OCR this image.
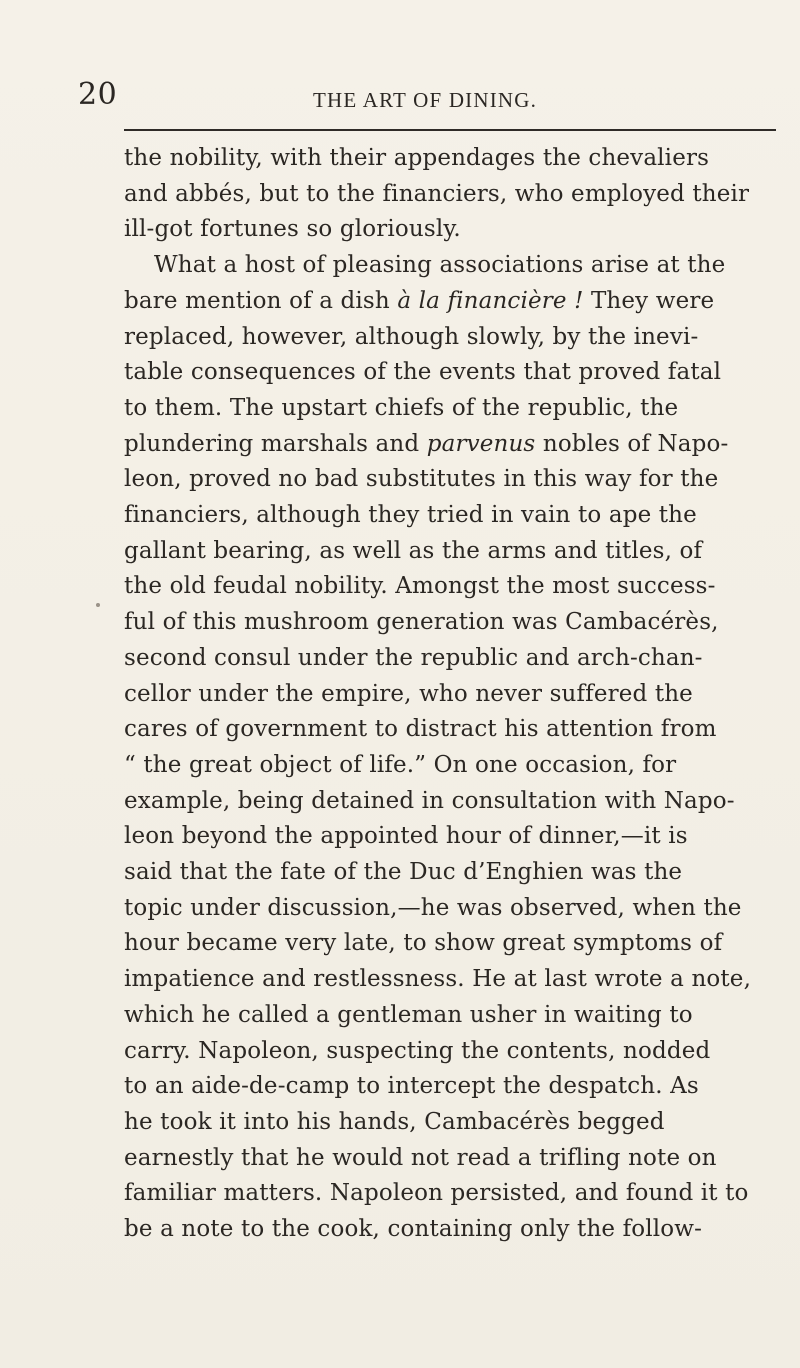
20	THE ART OF DINING.
the nobility, with their appendages the chevaliers
and abbés, but to the financiers, who employed their
ill-got fortunes so gloriously.
What a host of pleasing associations arise at the
bare mention of a dish à la financière ! They were
replaced, however, although slowly, by the inevi-
table consequences of the events that proved fatal
to them. The upstart chiefs of the republic, the
plundering marshals and parvenus nobles of Napo-
leon, proved no bad substitutes in this way for the
financiers, although they tried in vain to ape the
gallant bearing, as well as the arms and titles, of
the old feudal nobility. Amongst the most success-
ful of this mushroom generation was Cambacérès,
second consul under the republic and arch-chan-
cellor under the empire, who never suffered the
cares of government to distract his attention from
“ the great object of life.” On one occasion, for
example, being detained in consultation with Napo-
leon beyond the appointed hour of dinner,—it is
said that the fate of the Duc d’Enghien was the
topic under discussion,—he was observed, when the
hour became very late, to show great symptoms of
impatience and restlessness. He at last wrote a note,
which he called a gentleman usher in waiting to
carry. Napoleon, suspecting the contents, nodded
to an aide-de-camp to intercept the despatch. As
he took it into his hands, Cambacérès begged
earnestly that he would not read a trifling note on
familiar matters. Napoleon persisted, and found it to
be a note to the cook, containing only the follow-
